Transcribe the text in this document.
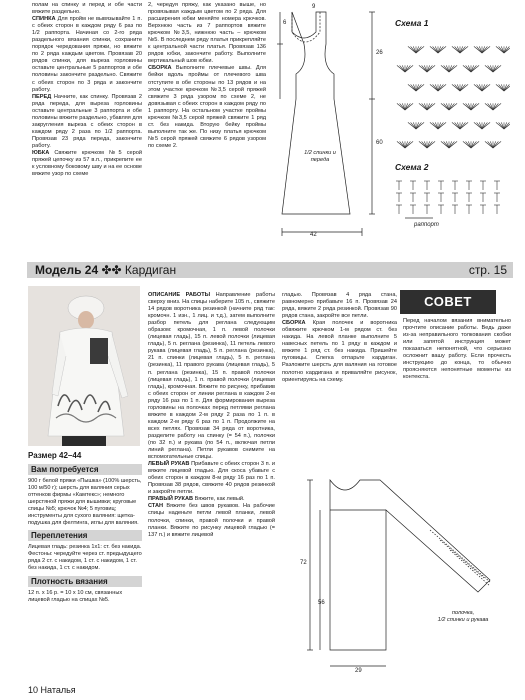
полам на спинку и перед и обе части вяжите раздельно.

СПИНКА Для пройм не вывязывайте 1 п. с обеих сторон в каждом ряду 6 раз по 1/2 раппорта. Начиная со 2-го ряда раздельного вязания спинки, сохраните порядок чередования пряжи, но вяжите по 2 ряда каждым цветом. Провязав 20 рядов спинки, для выреза горловины оставьте центральные 5 раппортов и обе половины закончите раздельно. Свяжите с обеих сторон по 3 ряда и закончите работу.

ПЕРЕД Начните, как спинку. Провязав 2 ряда переда, для выреза горловины оставьте центральные 3 раппорта и обе половины вяжите раздельно, убавляя для закругления выреза с обеих сторон в каждом ряду 2 раза по 1/2 раппорта. Провязав 23 ряда переда, закончите работу.

ЮБКА Свяжите крючком №5 серой пряжей цепочку из 57 в.п., прикрепите ее к условному боковому шву и на ее основе вяжите узор по схеме

2, чередуя пряжу, как указано выше, но провязывая каждым цветом по 2 ряда. Для расширения юбки меняйте номера крючков. Верхнюю часть из 7 раппортов вяжите крючком №3,5, нижнюю часть – крючком №5. В последнем ряду платья прикрепляйте к центральной части платья. Провязав 136 рядов юбки, закончите работу. Выполните вертикальный шов юбки.

СБОРКА Выполните плечевые швы. Для бейки вдоль проймы от плечевого шва отступите в обе стороны по 13 рядов и на этом участке крючком №3,5 серой пряжей свяжите 3 ряда узором по схеме 2, не довязывая с обеих сторон в каждом ряду по 1 раппорту. На остальном участке проймы крючком №3,5 серой пряжей свяжите 1 ряд ст. без накида. Вторую бейку проймы выполните так же. По низу платья крючком №5 серой пряжей свяжите 6 рядов узором по схеме 2.

42
60
26
6
9
1/2 спинки и переда
Схема 1
Схема 2
раппорт
Модель 24 ✤✤ Кардиган	стр. 15
Размер 42–44
Вам потребуется

900 г белой пряжи «Пышка» (100% шерсть, 100 м/50 г); шерсть для валяния серых оттенков фирмы «Камтекс»; немного шерстяной пряжи для вышивки; круговые спицы №5; крючок №4; 5 пуговиц; инструменты для сухого валяния: щетка-подушка для фелтинга, иглы для валяния.

Переплетения

Лицевая гладь: резинка 1х1: ст. без накида.

Фестоны: чередуйте через ст. предыдущего ряда 2 ст. с накидом, 1 ст. с накидом, 1 ст. без накида, 1 ст. с накидом.

Плотность вязания

12 п. х 16 р. = 10 х 10 см, связанных лицевой гладью на спицах №5.

ОПИСАНИЕ РАБОТЫ Направление работы сверху вниз. На спицы наберите 105 п., свяжите 14 рядов воротника резинкой (начните ряд так: кромочн. 1 изн., 1 лиц. и т.д.), затем выполните разбор петель для реглана следующим образом: кромочная, 1 п. левой полочки (лицевая гладь), 15 п. левой полочки (лицевая гладь), 5 п. реглана (резинка), 11 петель левого рукава (лицевая гладь), 5 п. реглана (резинка), 21 п. спинки (лицевая гладь), 5 п. реглана (резинка), 11 правого рукава (лицевая гладь), 5 п. реглана (резинка), 15 п. правой полочки (лицевая гладь), 1 п. правой полочки (лицевая гладь), кромочная. Вяжите по рисунку, прибавив с обеих сторон от линии реглана в каждом 2-м ряду 16 раз по 1 п. Для формирования выреза горловины на полочках перед петлями реглана вяжите в каждом 2-м ряду 2 раза по 1 п. в каждом 2-м ряду 6 раз по 1 п. Продолжите на всех петлях. Провязав 34 ряда от воротника, разделите работу на спинку (= 54 п.), полочки (по 32 п.) и рукава (по 54 п., включая петли линий реглана). Петли рукавов снимите на вспомогательные спицы.

ЛЕВЫЙ РУКАВ Прибавьте с обеих сторон 3 п. и вяжите лицевой гладью. Для скоса убавьте с обеих сторон в каждом 8-м ряду 16 раз по 1 п. Провязав 38 рядов, свяжите 40 рядов резинкой и закройте петли.

ПРАВЫЙ РУКАВ Вяжите, как левый.

СТАН Вяжите без швов рукавов. На рабочие спицы наденьте петли левой планки, левой полочки, спинки, правой полочки и правой планки. Вяжите по рисунку лицевой гладью (= 137 п.) и вяжите лицевой

гладью. Провязав 4 ряда стана, равномерно прибавьте 16 п. Провязав 24 ряда, вяжите 2 ряда резинкой. Провязав 90 рядов стана, закройте все петли.

СБОРКА Края полочек и воротника обвяжите крючком 1-м рядом ст. без накида. На левой планке выполните 5 навесных петель по 1 ряду в каждом и вяжите 1 ряд ст. без накида. Пришейте пуговицы. Слегка отпарьте кардиган. Разложите шерсть для валяния на готовое полотно кардигана и приваляйте рисунок, ориентируясь на схему.

СОВЕТ

Перед началом вязания внимательно прочтите описание работы. Ведь даже из-за неправильного толкования скобки или запятой инструкция может показаться непонятной, что серьезно осложнит вашу работу. Если прочесть инструкцию до конца, то обычно проясняются непонятные моменты из контекста.

72
56
29
полочка,
1/2 спинки и рукава
10 Наталья
